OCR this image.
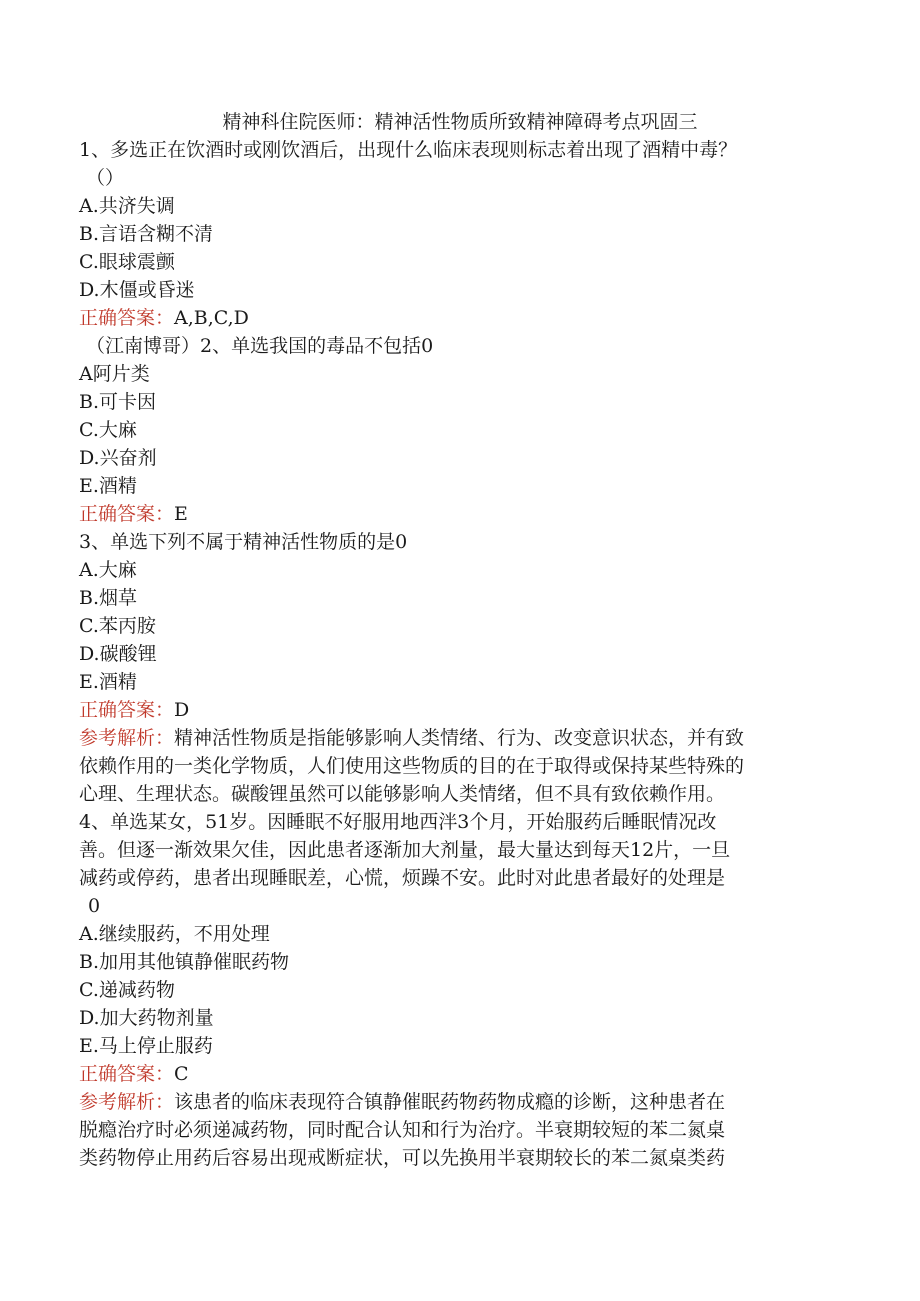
精神科住院医师：精神活性物质所致精神障碍考点巩固三
1、多选正在饮酒时或刚饮酒后，出现什么临床表现则标志着出现了酒精中毒？
（）
A.共济失调
B.言语含糊不清
C.眼球震颤
D.木僵或昏迷
正确答案：A,B,C,D
（江南博哥）2、单选我国的毒品不包括0
A阿片类
B.可卡因
C.大麻
D.兴奋剂
E.酒精
正确答案：E
3、单选下列不属于精神活性物质的是0
A.大麻
B.烟草
C.苯丙胺
D.碳酸锂
E.酒精
正确答案：D
参考解析：精神活性物质是指能够影响人类情绪、行为、改变意识状态，并有致
依赖作用的一类化学物质，人们使用这些物质的目的在于取得或保持某些特殊的
心理、生理状态。碳酸锂虽然可以能够影响人类情绪，但不具有致依赖作用。
4、单选某女，51岁。因睡眠不好服用地西泮3个月，开始服药后睡眠情况改
善。但逐一渐效果欠佳，因此患者逐渐加大剂量，最大量达到每天12片，一旦
减药或停药，患者出现睡眠差，心慌，烦躁不安。此时对此患者最好的处理是
0
A.继续服药，不用处理
B.加用其他镇静催眠药物
C.递减药物
D.加大药物剂量
E.马上停止服药
正确答案：C
参考解析：该患者的临床表现符合镇静催眠药物药物成瘾的诊断，这种患者在
脱瘾治疗时必须递减药物，同时配合认知和行为治疗。半衰期较短的苯二氮桌
类药物停止用药后容易出现戒断症状，可以先换用半衰期较长的苯二氮桌类药
